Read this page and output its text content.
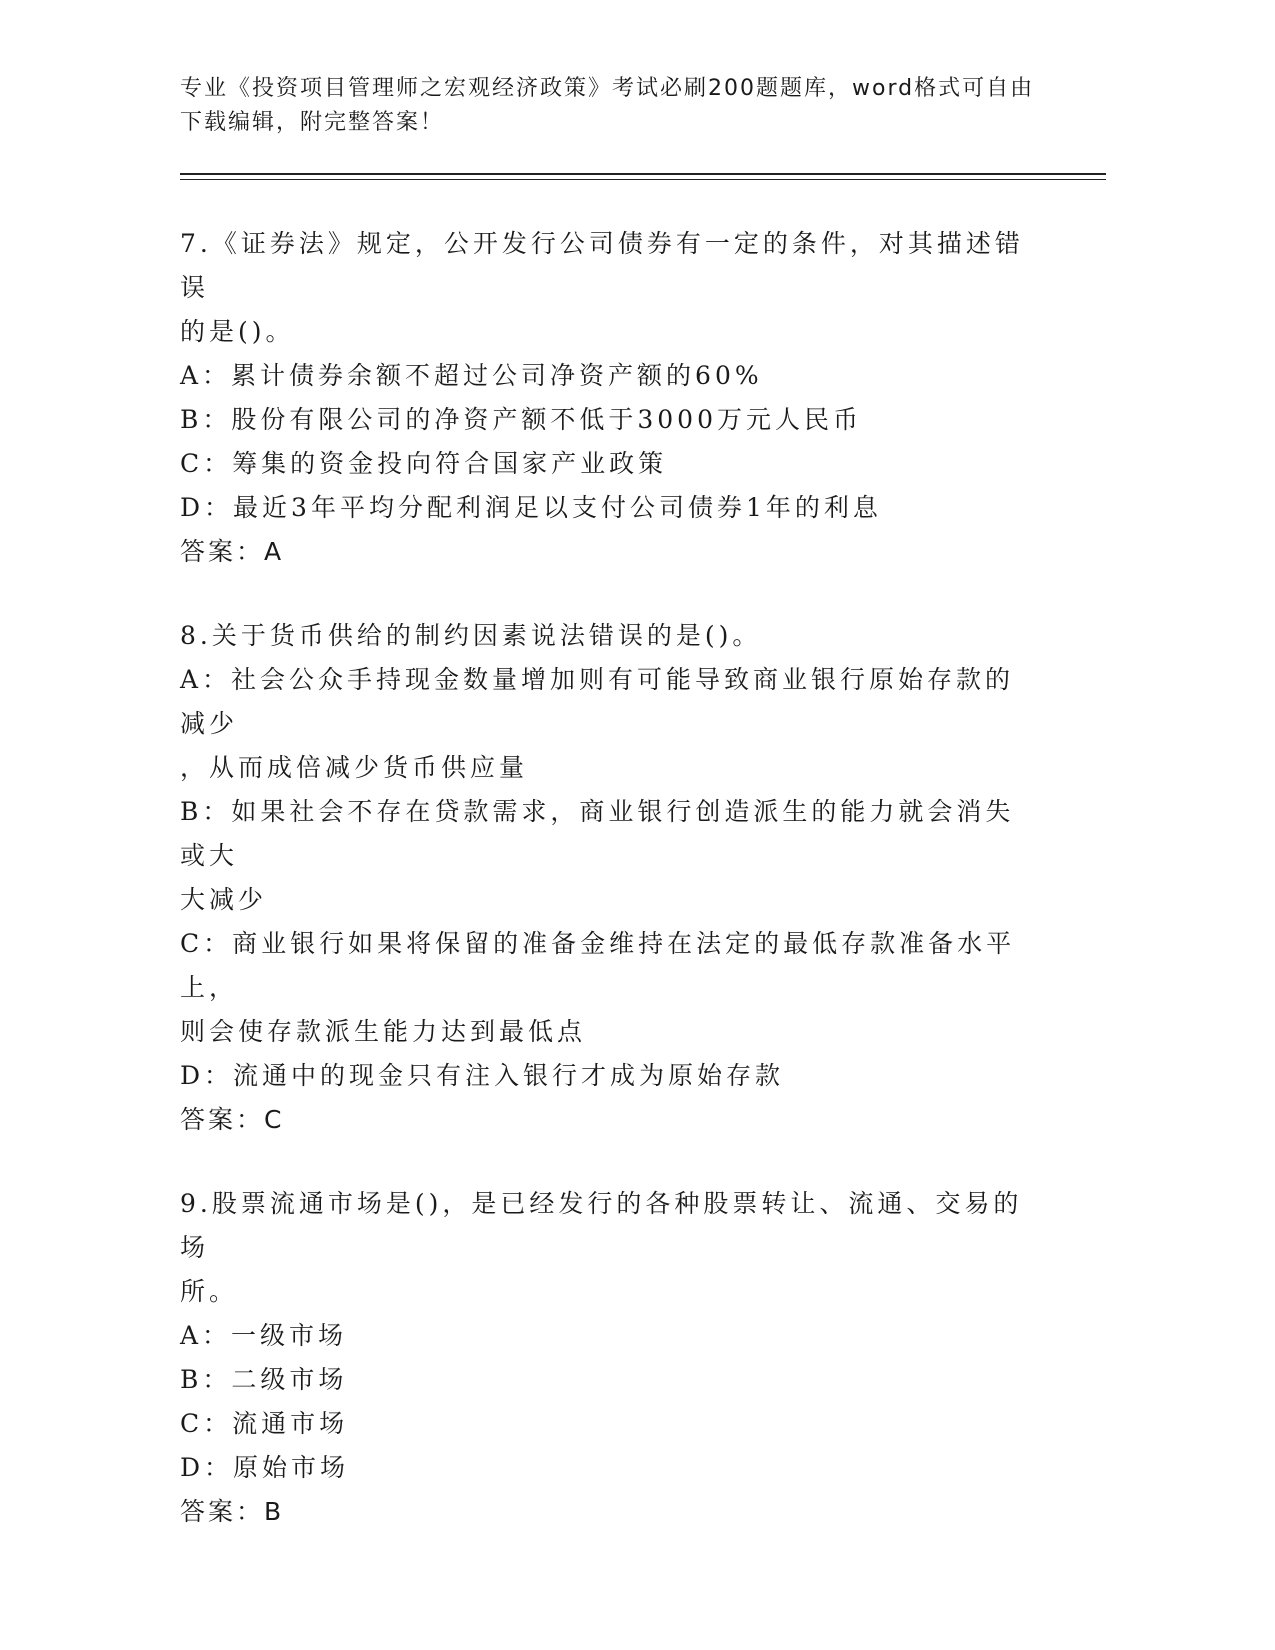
专业《投资项目管理师之宏观经济政策》考试必刷200题题库，word格式可自由
下载编辑，附完整答案！

7.《证券法》规定，公开发行公司债券有一定的条件，对其描述错误

的是()。

A：累计债券余额不超过公司净资产额的60%

B：股份有限公司的净资产额不低于3000万元人民币

C：筹集的资金投向符合国家产业政策

D：最近3年平均分配利润足以支付公司债券1年的利息

答案：A

8.关于货币供给的制约因素说法错误的是()。

A：社会公众手持现金数量增加则有可能导致商业银行原始存款的减少

，从而成倍减少货币供应量

B：如果社会不存在贷款需求，商业银行创造派生的能力就会消失或大

大减少

C：商业银行如果将保留的准备金维持在法定的最低存款准备水平上，

则会使存款派生能力达到最低点

D：流通中的现金只有注入银行才成为原始存款

答案：C

9.股票流通市场是()，是已经发行的各种股票转让、流通、交易的场

所。

A：一级市场

B：二级市场

C：流通市场

D：原始市场

答案：B
